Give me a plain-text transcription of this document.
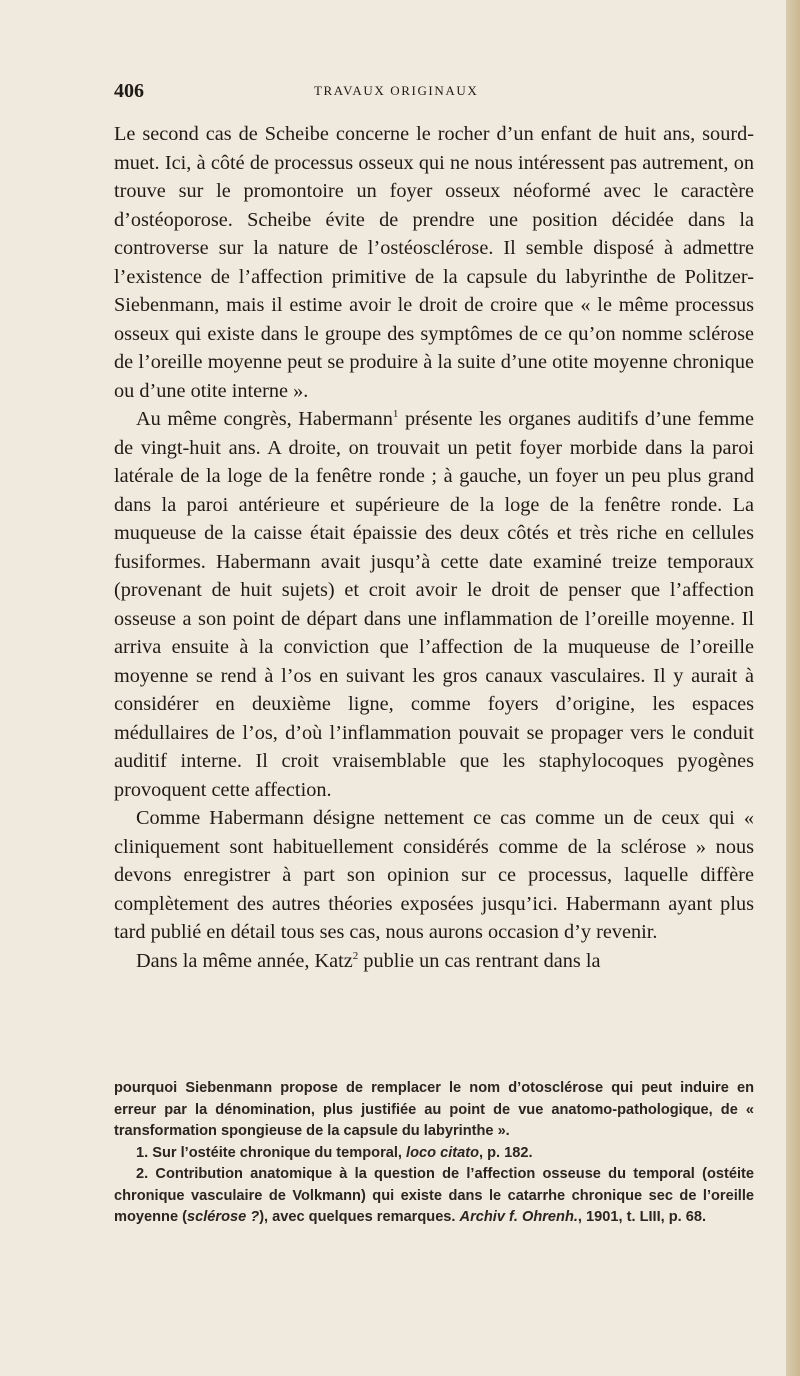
406	TRAVAUX ORIGINAUX

Le second cas de Scheibe concerne le rocher d’un enfant de huit ans, sourd-muet. Ici, à côté de processus osseux qui ne nous intéressent pas autrement, on trouve sur le promontoire un foyer osseux néoformé avec le caractère d’ostéoporose. Scheibe évite de prendre une position décidée dans la controverse sur la nature de l’ostéosclérose. Il semble disposé à admettre l’existence de l’affection primitive de la capsule du labyrinthe de Politzer-Siebenmann, mais il estime avoir le droit de croire que « le même processus osseux qui existe dans le groupe des symptômes de ce qu’on nomme sclérose de l’oreille moyenne peut se produire à la suite d’une otite moyenne chronique ou d’une otite interne ».

Au même congrès, Habermann$^1$ présente les organes auditifs d’une femme de vingt-huit ans. A droite, on trouvait un petit foyer morbide dans la paroi latérale de la loge de la fenêtre ronde ; à gauche, un foyer un peu plus grand dans la paroi antérieure et supérieure de la loge de la fenêtre ronde. La muqueuse de la caisse était épaissie des deux côtés et très riche en cellules fusiformes. Habermann avait jusqu’à cette date examiné treize temporaux (provenant de huit sujets) et croit avoir le droit de penser que l’affection osseuse a son point de départ dans une inflammation de l’oreille moyenne. Il arriva ensuite à la conviction que l’affection de la muqueuse de l’oreille moyenne se rend à l’os en suivant les gros canaux vasculaires. Il y aurait à considérer en deuxième ligne, comme foyers d’origine, les espaces médullaires de l’os, d’où l’inflammation pouvait se propager vers le conduit auditif interne. Il croit vraisemblable que les staphylocoques pyogènes provoquent cette affection.

Comme Habermann désigne nettement ce cas comme un de ceux qui « cliniquement sont habituellement considérés comme de la sclérose » nous devons enregistrer à part son opinion sur ce processus, laquelle diffère complètement des autres théories exposées jusqu’ici. Habermann ayant plus tard publié en détail tous ses cas, nous aurons occasion d’y revenir.

Dans la même année, Katz$^2$ publie un cas rentrant dans la

pourquoi Siebenmann propose de remplacer le nom d’otosclérose qui peut induire en erreur par la dénomination, plus justifiée au point de vue anatomo-pathologique, de « transformation spongieuse de la capsule du labyrinthe ».

1. Sur l’ostéite chronique du temporal, loco citato, p. 182.

2. Contribution anatomique à la question de l’affection osseuse du temporal (ostéite chronique vasculaire de Volkmann) qui existe dans le catarrhe chronique sec de l’oreille moyenne (sclérose ?), avec quelques remarques. Archiv f. Ohrenh., 1901, t. LIII, p. 68.
